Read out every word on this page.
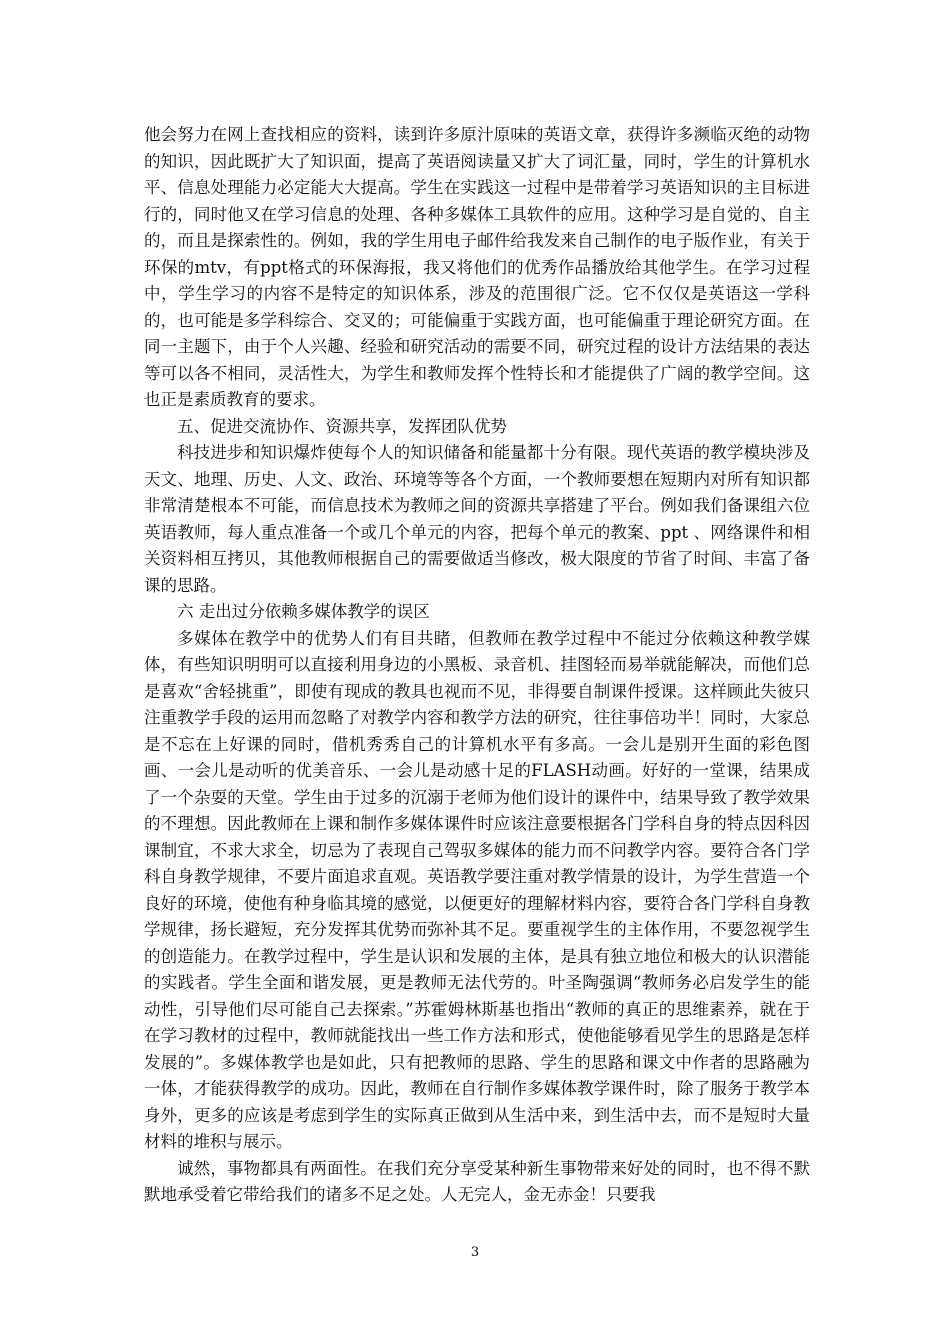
他会努力在网上查找相应的资料，读到许多原汁原味的英语文章，获得许多濒临灭绝的动物的知识，因此既扩大了知识面，提高了英语阅读量又扩大了词汇量，同时，学生的计算机水平、信息处理能力必定能大大提高。学生在实践这一过程中是带着学习英语知识的主目标进行的，同时他又在学习信息的处理、各种多媒体工具软件的应用。这种学习是自觉的、自主的，而且是探索性的。例如，我的学生用电子邮件给我发来自己制作的电子版作业，有关于环保的mtv，有ppt格式的环保海报，我又将他们的优秀作品播放给其他学生。在学习过程中，学生学习的内容不是特定的知识体系，涉及的范围很广泛。它不仅仅是英语这一学科的，也可能是多学科综合、交叉的；可能偏重于实践方面，也可能偏重于理论研究方面。在同一主题下，由于个人兴趣、经验和研究活动的需要不同，研究过程的设计方法结果的表达等可以各不相同，灵活性大，为学生和教师发挥个性特长和才能提供了广阔的教学空间。这也正是素质教育的要求。

五、促进交流协作、资源共享，发挥团队优势

科技进步和知识爆炸使每个人的知识储备和能量都十分有限。现代英语的教学模块涉及天文、地理、历史、人文、政治、环境等等各个方面，一个教师要想在短期内对所有知识都非常清楚根本不可能，而信息技术为教师之间的资源共享搭建了平台。例如我们备课组六位英语教师，每人重点准备一个或几个单元的内容，把每个单元的教案、ppt 、网络课件和相关资料相互拷贝，其他教师根据自己的需要做适当修改，极大限度的节省了时间、丰富了备课的思路。

六 走出过分依赖多媒体教学的误区

多媒体在教学中的优势人们有目共睹，但教师在教学过程中不能过分依赖这种教学媒体，有些知识明明可以直接利用身边的小黑板、录音机、挂图轻而易举就能解决，而他们总是喜欢“舍轻挑重”，即使有现成的教具也视而不见，非得要自制课件授课。这样顾此失彼只注重教学手段的运用而忽略了对教学内容和教学方法的研究，往往事倍功半！同时，大家总是不忘在上好课的同时，借机秀秀自己的计算机水平有多高。一会儿是别开生面的彩色图画、一会儿是动听的优美音乐、一会儿是动感十足的FLASH动画。好好的一堂课，结果成了一个杂耍的天堂。学生由于过多的沉溺于老师为他们设计的课件中，结果导致了教学效果的不理想。因此教师在上课和制作多媒体课件时应该注意要根据各门学科自身的特点因科因课制宜，不求大求全，切忌为了表现自己驾驭多媒体的能力而不问教学内容。要符合各门学科自身教学规律，不要片面追求直观。英语教学要注重对教学情景的设计，为学生营造一个良好的环境，使他有种身临其境的感觉，以便更好的理解材料内容，要符合各门学科自身教学规律，扬长避短，充分发挥其优势而弥补其不足。要重视学生的主体作用，不要忽视学生的创造能力。在教学过程中，学生是认识和发展的主体，是具有独立地位和极大的认识潜能的实践者。学生全面和谐发展，更是教师无法代劳的。叶圣陶强调“教师务必启发学生的能动性，引导他们尽可能自己去探索。”苏霍姆林斯基也指出“教师的真正的思维素养，就在于在学习教材的过程中，教师就能找出一些工作方法和形式，使他能够看见学生的思路是怎样发展的”。多媒体教学也是如此，只有把教师的思路、学生的思路和课文中作者的思路融为一体，才能获得教学的成功。因此，教师在自行制作多媒体教学课件时，除了服务于教学本身外，更多的应该是考虑到学生的实际真正做到从生活中来，到生活中去，而不是短时大量材料的堆积与展示。

诚然，事物都具有两面性。在我们充分享受某种新生事物带来好处的同时，也不得不默默地承受着它带给我们的诸多不足之处。人无完人，金无赤金！只要我

3
